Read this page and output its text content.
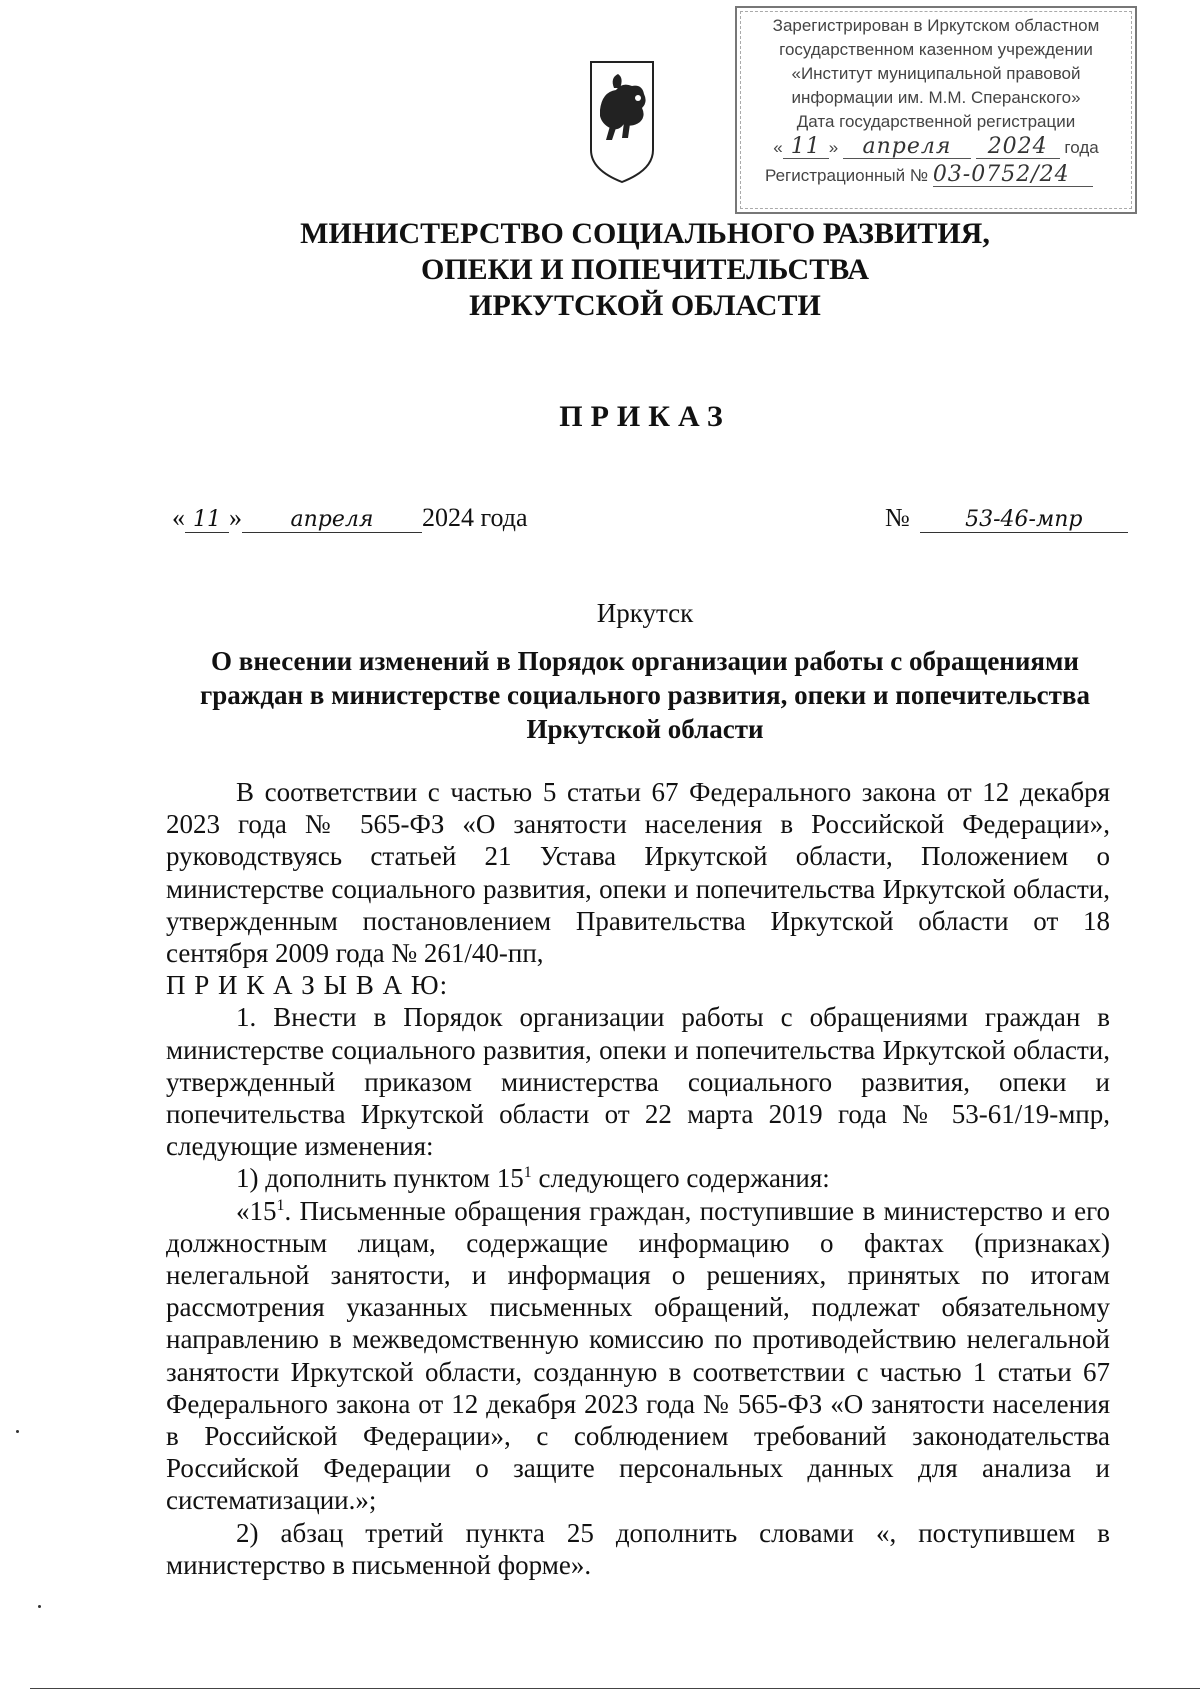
Зарегистрирован в Иркутском областном
государственном казенном учреждении
«Институт муниципальной правовой
информации им. М.М. Сперанского»
Дата государственной регистрации
« 11 » апреля 2024 года
Регистрационный № 03-0752/24
МИНИСТЕРСТВО СОЦИАЛЬНОГО РАЗВИТИЯ,
ОПЕКИ И ПОПЕЧИТЕЛЬСТВА
ИРКУТСКОЙ ОБЛАСТИ
ПРИКАЗ
« 11 » апреля 2024 года	№	53-46-мпр
Иркутск
О внесении изменений в Порядок организации работы с обращениями граждан в министерстве социального развития, опеки и попечительства Иркутской области

В соответствии с частью 5 статьи 67 Федерального закона от 12 декабря 2023 года № 565-ФЗ «О занятости населения в Российской Федерации», руководствуясь статьей 21 Устава Иркутской области, Положением о министерстве социального развития, опеки и попечительства Иркутской области, утвержденным постановлением Правительства Иркутской области от 18 сентября 2009 года № 261/40-пп,

П Р И К А З Ы В А Ю:

1. Внести в Порядок организации работы с обращениями граждан в министерстве социального развития, опеки и попечительства Иркутской области, утвержденный приказом министерства социального развития, опеки и попечительства Иркутской области от 22 марта 2019 года № 53-61/19-мпр, следующие изменения:

1) дополнить пунктом $15^1$ следующего содержания:

«$15^1$. Письменные обращения граждан, поступившие в министерство и его должностным лицам, содержащие информацию о фактах (признаках) нелегальной занятости, и информация о решениях, принятых по итогам рассмотрения указанных письменных обращений, подлежат обязательному направлению в межведомственную комиссию по противодействию нелегальной занятости Иркутской области, созданную в соответствии с частью 1 статьи 67 Федерального закона от 12 декабря 2023 года № 565-ФЗ «О занятости населения в Российской Федерации», с соблюдением требований законодательства Российской Федерации о защите персональных данных для анализа и систематизации.»;

2) абзац третий пункта 25 дополнить словами «, поступившем в министерство в письменной форме».
